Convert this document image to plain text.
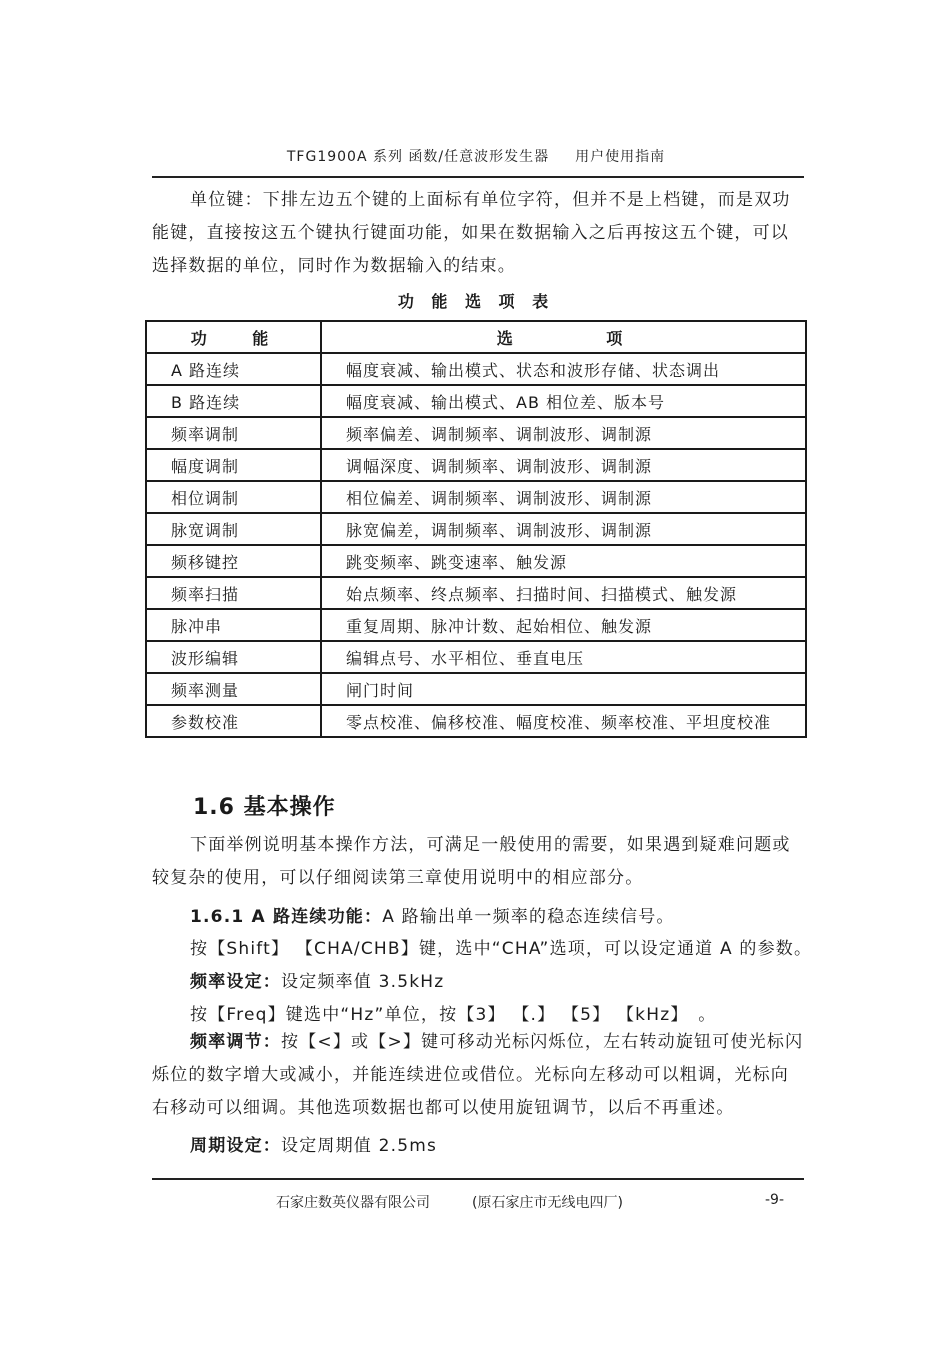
TFG1900A 系列 函数/任意波形发生器 用户使用指南
单位键：下排左边五个键的上面标有单位字符，但并不是上档键，而是双功能键，直接按这五个键执行键面功能，如果在数据输入之后再按这五个键，可以选择数据的单位，同时作为数据输入的结束。
功 能 选 项 表
功　 能	选　　　 项
A 路连续	幅度衰减、输出模式、状态和波形存储、状态调出
B 路连续	幅度衰减、输出模式、AB 相位差、版本号
频率调制	频率偏差、调制频率、调制波形、调制源
幅度调制	调幅深度、调制频率、调制波形、调制源
相位调制	相位偏差、调制频率、调制波形、调制源
脉宽调制	脉宽偏差，调制频率、调制波形、调制源
频移键控	跳变频率、跳变速率、触发源
频率扫描	始点频率、终点频率、扫描时间、扫描模式、触发源
脉冲串	重复周期、脉冲计数、起始相位、触发源
波形编辑	编辑点号、水平相位、垂直电压
频率测量	闸门时间
参数校准	零点校准、偏移校准、幅度校准、频率校准、平坦度校准
1.6 基本操作
下面举例说明基本操作方法，可满足一般使用的需要，如果遇到疑难问题或较复杂的使用，可以仔细阅读第三章使用说明中的相应部分。
1.6.1 A 路连续功能：A 路输出单一频率的稳态连续信号。
按【Shift】 【CHA/CHB】键，选中“CHA”选项，可以设定通道 A 的参数。
频率设定：设定频率值 3.5kHz
按【Freq】键选中“Hz”单位，按【3】 【.】 【5】 【kHz】　。
频率调节：按【<】或【>】键可移动光标闪烁位，左右转动旋钮可使光标闪烁位的数字增大或减小，并能连续进位或借位。光标向左移动可以粗调，光标向右移动可以细调。其他选项数据也都可以使用旋钮调节，以后不再重述。
周期设定：设定周期值 2.5ms
石家庄数英仪器有限公司	(原石家庄市无线电四厂)	-9-
